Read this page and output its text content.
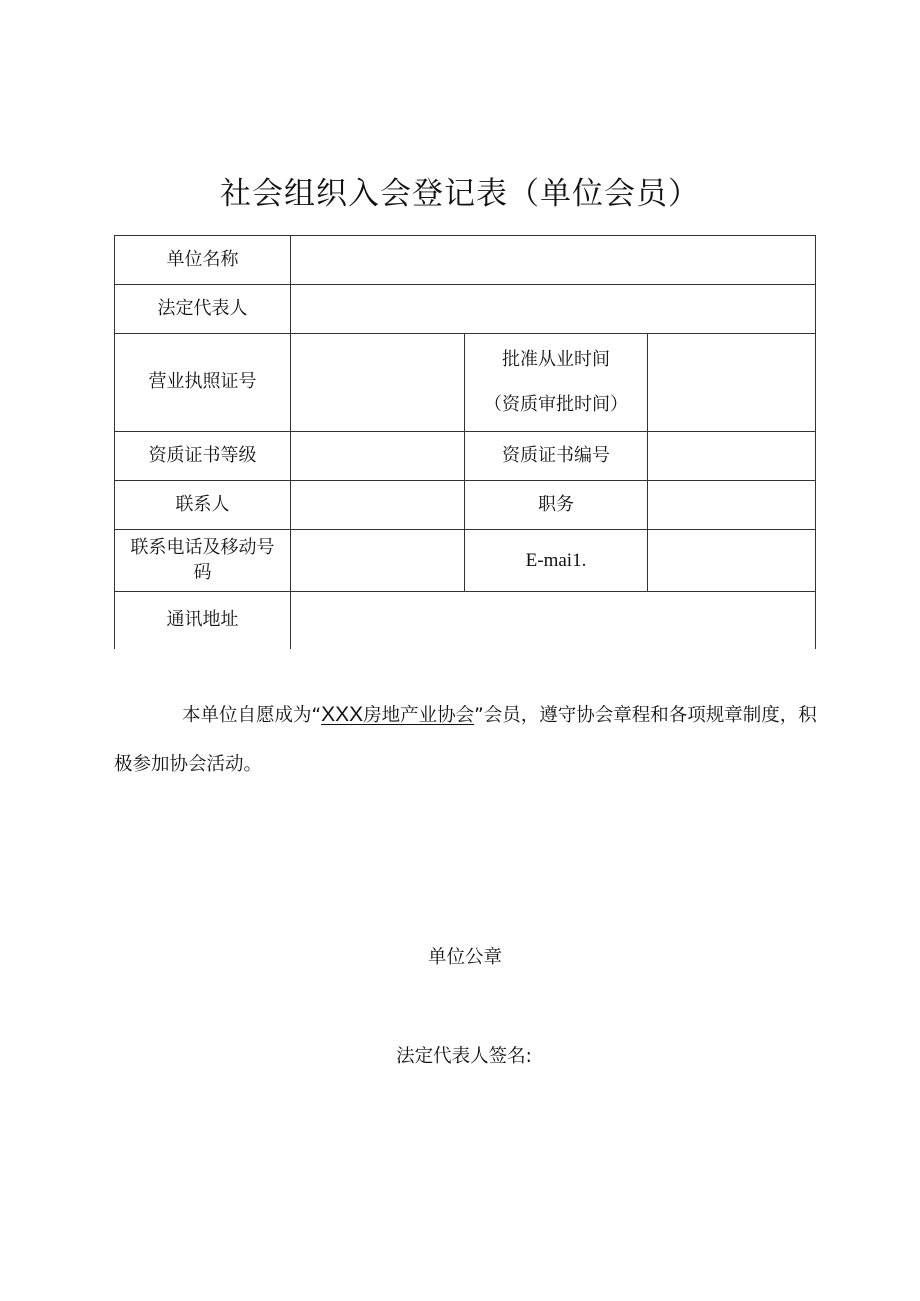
社会组织入会登记表（单位会员）
单位名称			
法定代表人			
营业执照证号		批准从业时间
（资质审批时间）	

资质证书等级		资质证书编号	
联系人		职务	

联系电话及移动号
码		E-mai1.	
通讯地址			

本单位自愿成为“XXX房地产业协会”会员，遵守协会章程和各项规章制度，积极参加协会活动。

单位公章
法定代表人签名:
